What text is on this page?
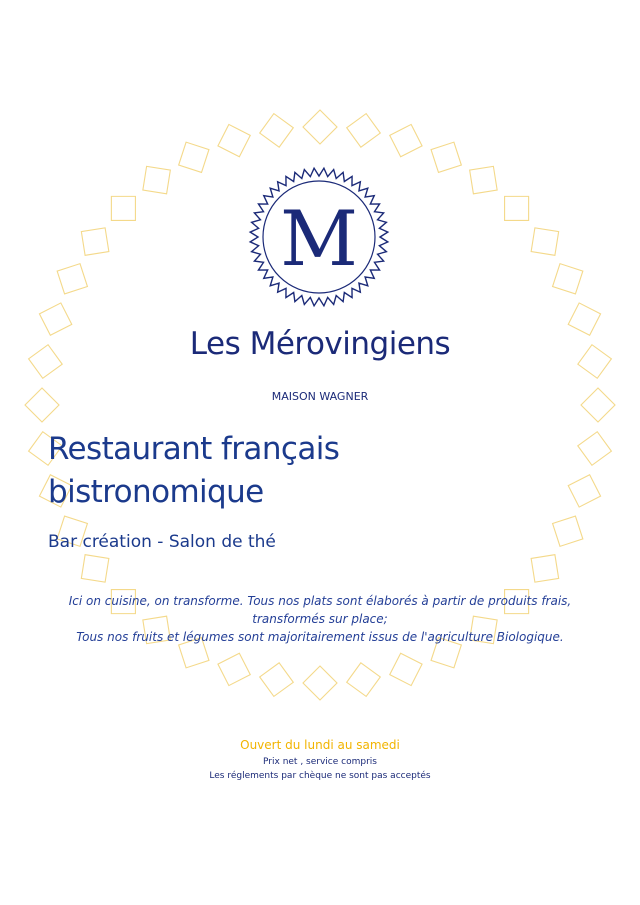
M
Les Mérovingiens
MAISON WAGNER
Restaurant français
bistronomique
Bar création - Salon de thé
Ici on cuisine, on transforme. Tous nos plats sont élaborés à partir de produits frais,
transformés sur place;
Tous nos fruits et légumes sont majoritairement issus de l'agriculture Biologique.
Ouvert du lundi au samedi
Prix net , service compris
Les réglements par chèque ne sont pas acceptés
